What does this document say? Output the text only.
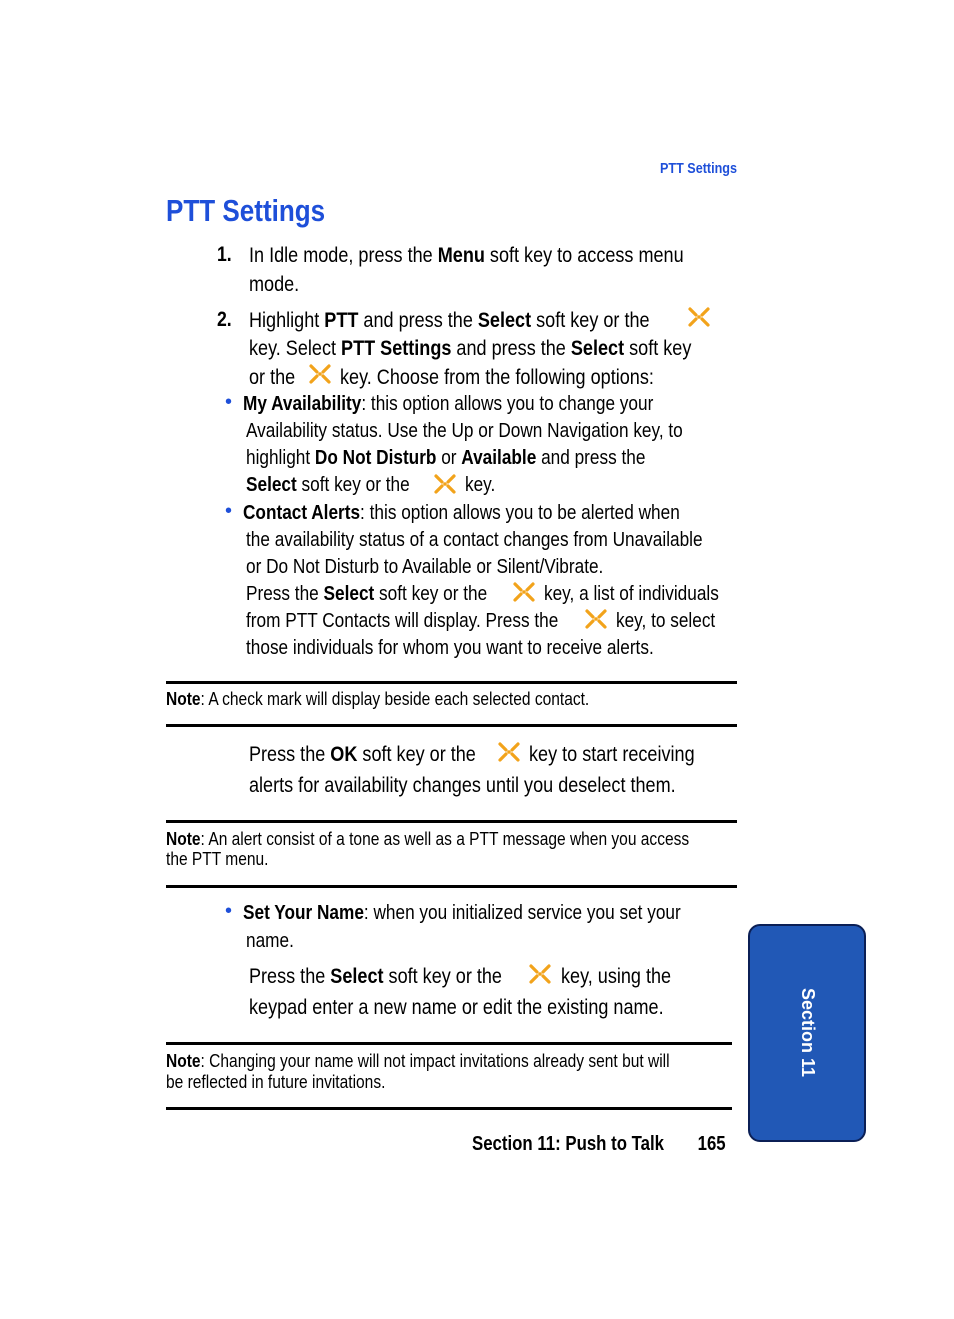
PTT Settings
PTT Settings
1. In Idle mode, press the Menu soft key to access menu
mode.
2. Highlight PTT and press the Select soft key or the
key. Select PTT Settings and press the Select soft key
or the	key. Choose from the following options:
• My Availability: this option allows you to change your
Availability status. Use the Up or Down Navigation key, to
highlight Do Not Disturb or Available and press the
Select soft key or the	key.
• Contact Alerts: this option allows you to be alerted when
the availability status of a contact changes from Unavailable
or Do Not Disturb to Available or Silent/Vibrate.
Press the Select soft key or the	key, a list of individuals
from PTT Contacts will display. Press the	key, to select
those individuals for whom you want to receive alerts.
Note: A check mark will display beside each selected contact.
Press the OK soft key or the	key to start receiving
alerts for availability changes until you deselect them.
Note: An alert consist of a tone as well as a PTT message when you access
the PTT menu.
• Set Your Name: when you initialized service you set your
name.
Press the Select soft key or the	key, using the
keypad enter a new name or edit the existing name.
Note: Changing your name will not impact invitations already sent but will
be reflected in future invitations.
Section 11: Push to Talk 165
Section 11
